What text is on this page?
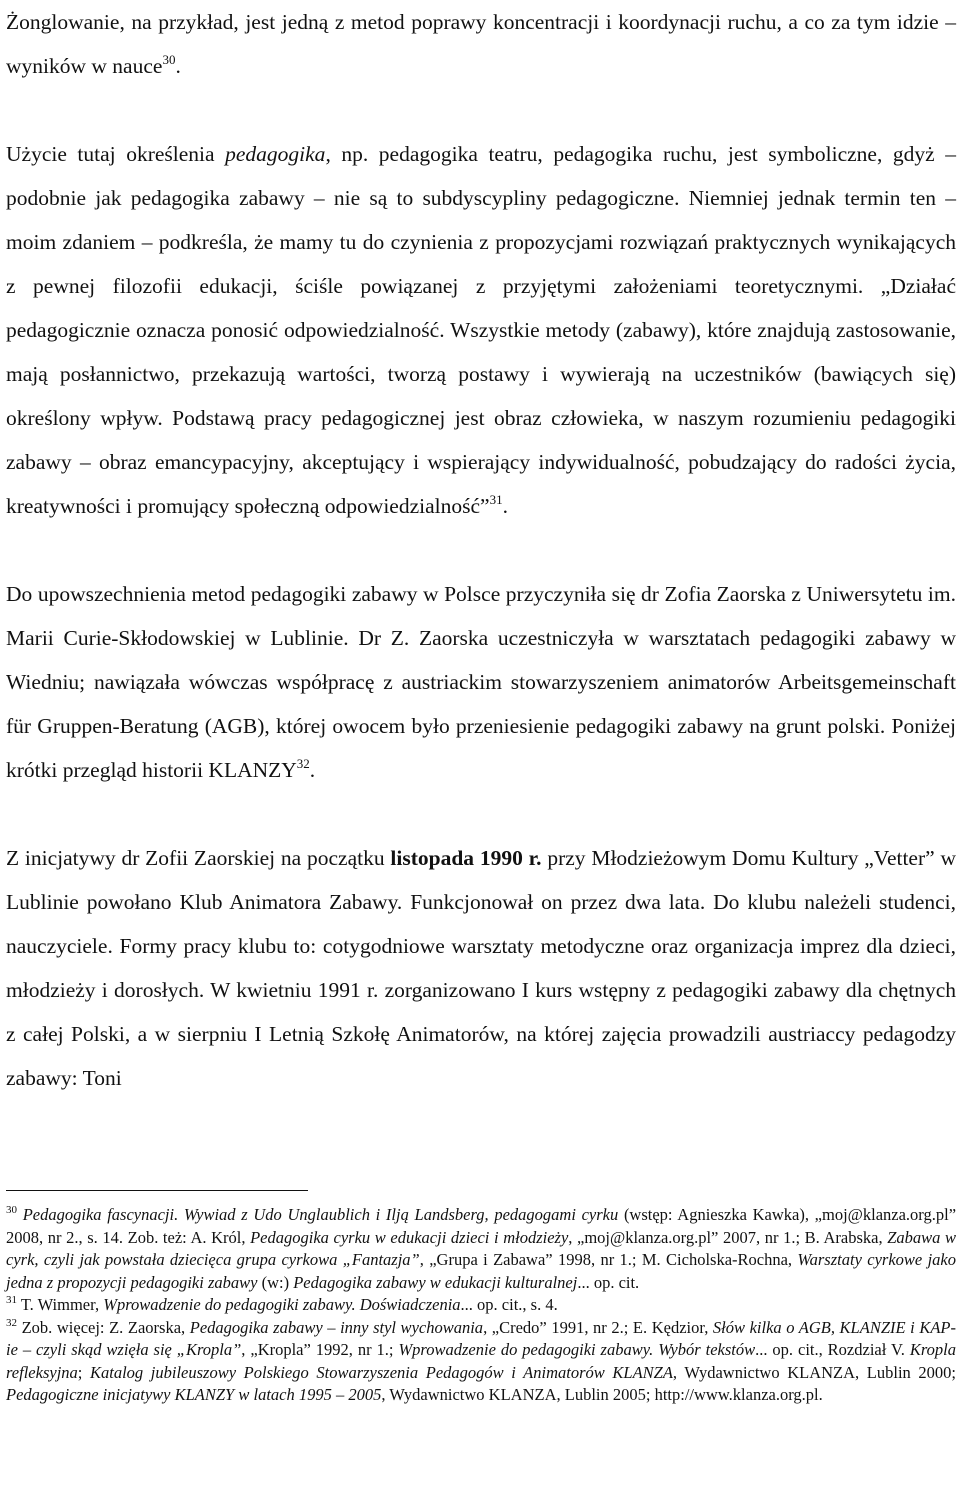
Żonglowanie, na przykład, jest jedną z metod poprawy koncentracji i koordynacji ruchu, a co za tym idzie – wyników w nauce$^{30}$.

Użycie tutaj określenia pedagogika, np. pedagogika teatru, pedagogika ruchu, jest symboliczne, gdyż – podobnie jak pedagogika zabawy – nie są to subdyscypliny pedagogiczne. Niemniej jednak termin ten – moim zdaniem – podkreśla, że mamy tu do czynienia z propozycjami rozwiązań praktycznych wynikających z pewnej filozofii edukacji, ściśle powiązanej z przyjętymi założeniami teoretycznymi. „Działać pedagogicznie oznacza ponosić odpowiedzialność. Wszystkie metody (zabawy), które znajdują zastosowanie, mają posłannictwo, przekazują wartości, tworzą postawy i wywierają na uczestników (bawiących się) określony wpływ. Podstawą pracy pedagogicznej jest obraz człowieka, w naszym rozumieniu pedagogiki zabawy – obraz emancypacyjny, akceptujący i wspierający indywidualność, pobudzający do radości życia, kreatywności i promujący społeczną odpowiedzialność”$^{31}$.

Do upowszechnienia metod pedagogiki zabawy w Polsce przyczyniła się dr Zofia Zaorska z Uniwersytetu im. Marii Curie-Skłodowskiej w Lublinie. Dr Z. Zaorska uczestniczyła w warsztatach pedagogiki zabawy w Wiedniu; nawiązała wówczas współpracę z austriackim stowarzyszeniem animatorów Arbeitsgemeinschaft für Gruppen-Beratung (AGB), której owocem było przeniesienie pedagogiki zabawy na grunt polski. Poniżej krótki przegląd historii KLANZY$^{32}$.

Z inicjatywy dr Zofii Zaorskiej na początku listopada 1990 r. przy Młodzieżowym Domu Kultury „Vetter” w Lublinie powołano Klub Animatora Zabawy. Funkcjonował on przez dwa lata. Do klubu należeli studenci, nauczyciele. Formy pracy klubu to: cotygodniowe warsztaty metodyczne oraz organizacja imprez dla dzieci, młodzieży i dorosłych. W kwietniu 1991 r. zorganizowano I kurs wstępny z pedagogiki zabawy dla chętnych z całej Polski, a w sierpniu I Letnią Szkołę Animatorów, na której zajęcia prowadzili austriaccy pedagodzy zabawy: Toni

$^{30}$ Pedagogika fascynacji. Wywiad z Udo Unglaublich i Ilją Landsberg, pedagogami cyrku (wstęp: Agnieszka Kawka), „moj@klanza.org.pl” 2008, nr 2., s. 14. Zob. też: A. Król, Pedagogika cyrku w edukacji dzieci i młodzieży, „moj@klanza.org.pl” 2007, nr 1.; B. Arabska, Zabawa w cyrk, czyli jak powstała dziecięca grupa cyrkowa „Fantazja”, „Grupa i Zabawa” 1998, nr 1.; M. Cicholska-Rochna, Warsztaty cyrkowe jako jedna z propozycji pedagogiki zabawy (w:) Pedagogika zabawy w edukacji kulturalnej... op. cit.

$^{31}$ T. Wimmer, Wprowadzenie do pedagogiki zabawy. Doświadczenia... op. cit., s. 4.

$^{32}$ Zob. więcej: Z. Zaorska, Pedagogika zabawy – inny styl wychowania, „Credo” 1991, nr 2.; E. Kędzior, Słów kilka o AGB, KLANZIE i KAP-ie – czyli skąd wzięła się „Kropla”, „Kropla” 1992, nr 1.; Wprowadzenie do pedagogiki zabawy. Wybór tekstów... op. cit., Rozdział V. Kropla refleksyjna; Katalog jubileuszowy Polskiego Stowarzyszenia Pedagogów i Animatorów KLANZA, Wydawnictwo KLANZA, Lublin 2000; Pedagogiczne inicjatywy KLANZY w latach 1995 – 2005, Wydawnictwo KLANZA, Lublin 2005; http://www.klanza.org.pl.
